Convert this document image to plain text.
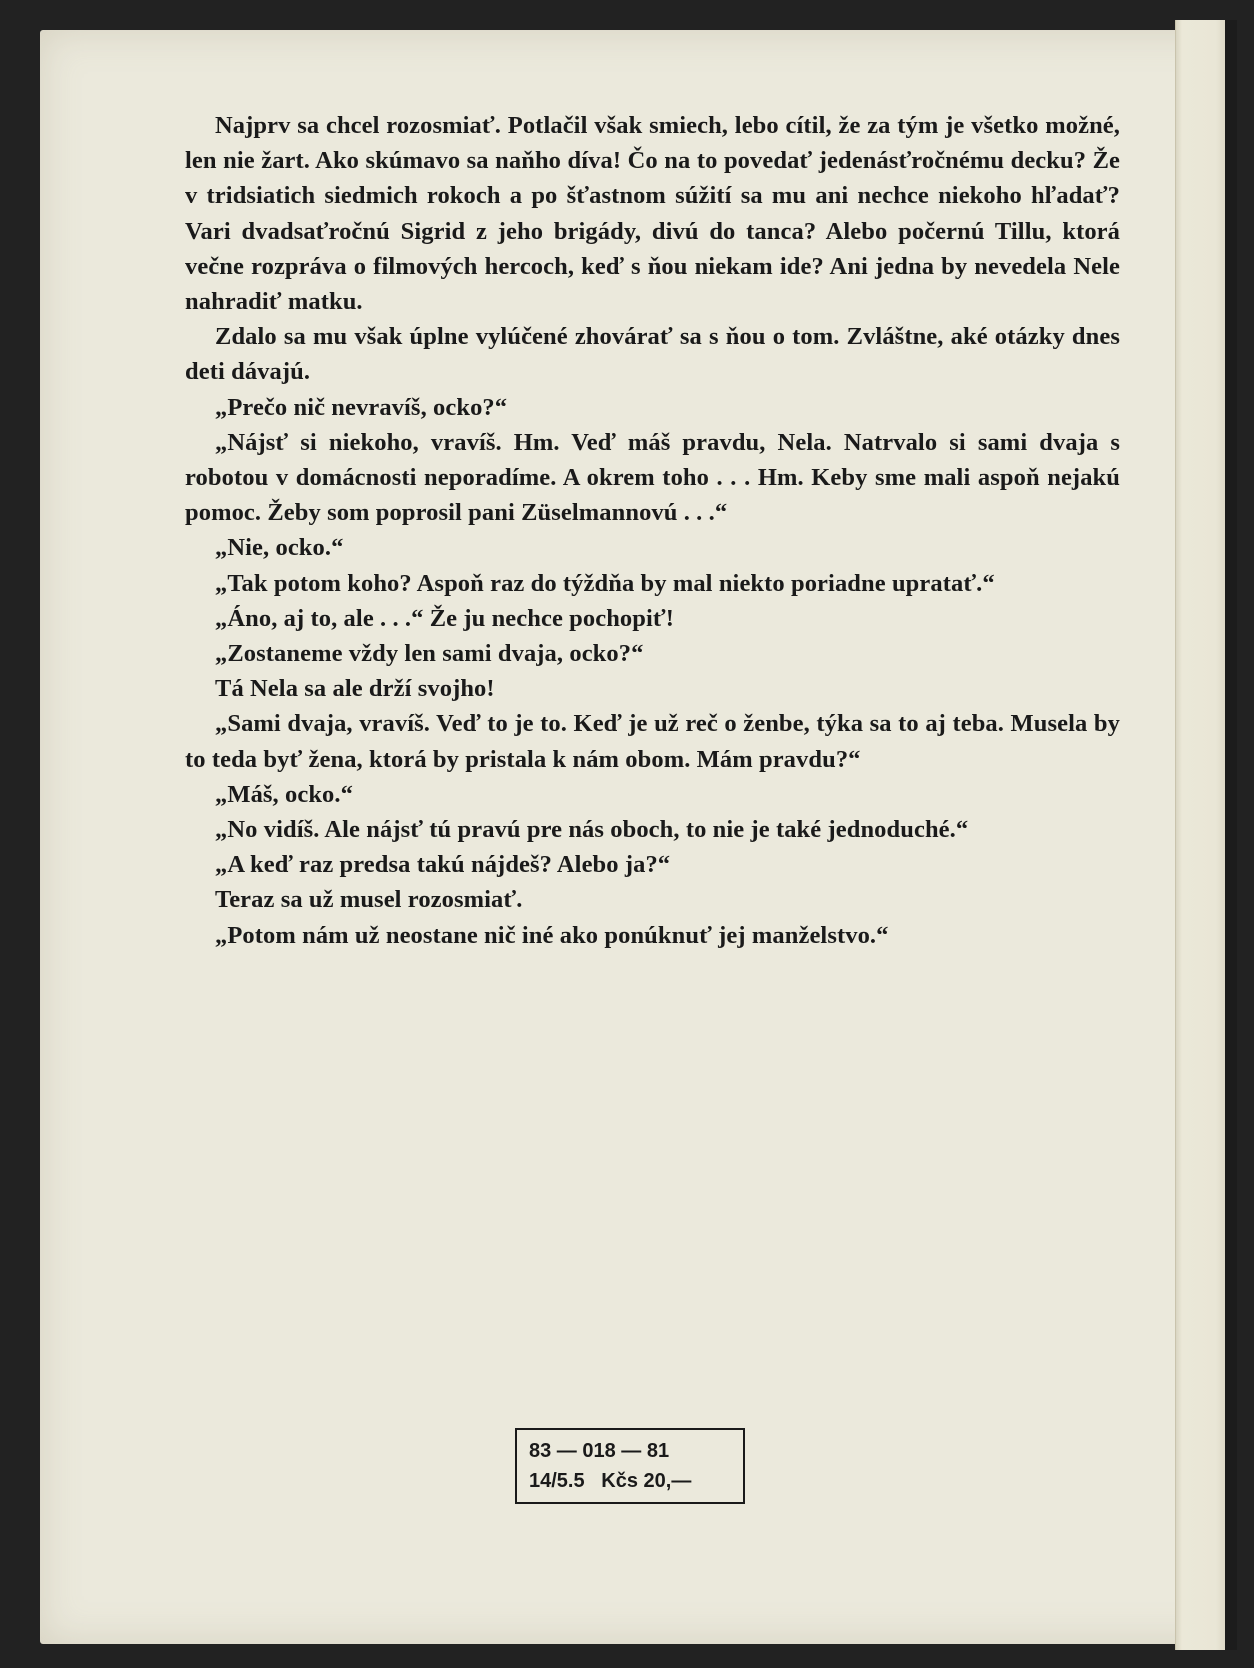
Najprv sa chcel rozosmiať. Potlačil však smiech, lebo cítil, že za tým je všetko možné, len nie žart. Ako skúmavo sa naňho díva! Čo na to povedať jedenásťročnému decku? Že v tridsiatich siedmich rokoch a po šťastnom súžití sa mu ani nechce niekoho hľadať? Vari dvadsaťročnú Sigrid z jeho brigády, divú do tanca? Alebo počernú Tillu, ktorá večne rozpráva o filmových hercoch, keď s ňou niekam ide? Ani jedna by nevedela Nele nahradiť matku.

Zdalo sa mu však úplne vylúčené zhovárať sa s ňou o tom. Zvláštne, aké otázky dnes deti dávajú.

„Prečo nič nevravíš, ocko?“

„Nájsť si niekoho, vravíš. Hm. Veď máš pravdu, Nela. Natrvalo si sami dvaja s robotou v domácnosti neporadíme. A okrem toho . . . Hm. Keby sme mali aspoň nejakú pomoc. Žeby som poprosil pani Züselmannovú . . .“

„Nie, ocko.“

„Tak potom koho? Aspoň raz do týždňa by mal niekto poriadne upratať.“

„Áno, aj to, ale . . .“ Že ju nechce pochopiť!

„Zostaneme vždy len sami dvaja, ocko?“

Tá Nela sa ale drží svojho!

„Sami dvaja, vravíš. Veď to je to. Keď je už reč o ženbe, týka sa to aj teba. Musela by to teda byť žena, ktorá by pristala k nám obom. Mám pravdu?“

„Máš, ocko.“

„No vidíš. Ale nájsť tú pravú pre nás oboch, to nie je také jednoduché.“

„A keď raz predsa takú nájdeš? Alebo ja?“

Teraz sa už musel rozosmiať.

„Potom nám už neostane nič iné ako ponúknuť jej manželstvo.“

83 — 018 — 81
14/5.5   Kčs 20,—
